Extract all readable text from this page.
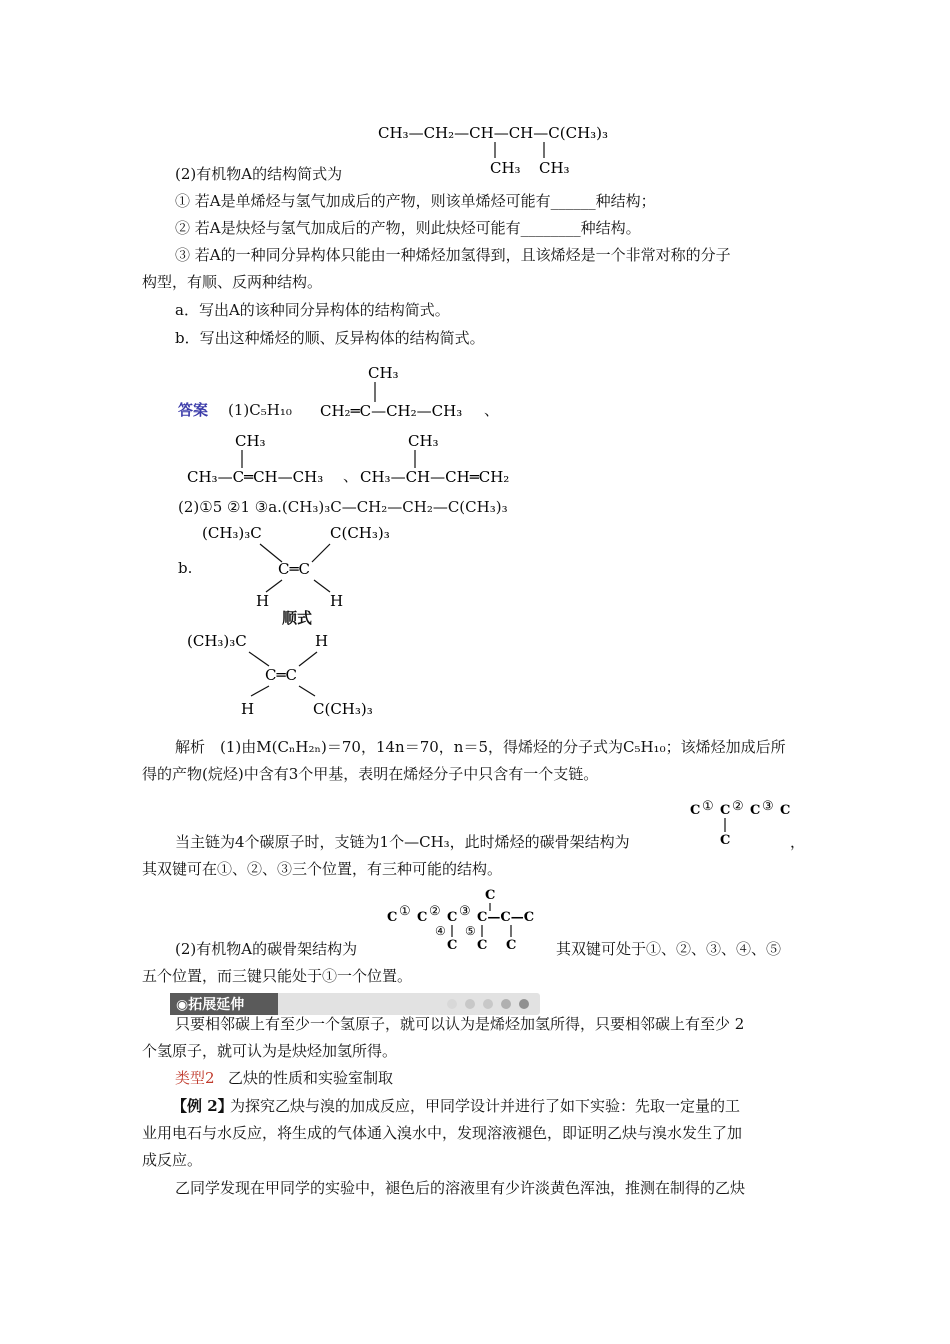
CH₃—CH₂—CH—CH—C(CH₃)₃
CH₃ CH₃
(2)有机物A的结构简式为
① 若A是单烯烃与氢气加成后的产物，则该单烯烃可能有______种结构；
② 若A是炔烃与氢气加成后的产物，则此炔烃可能有________种结构。
③ 若A的一种同分异构体只能由一种烯烃加氢得到，且该烯烃是一个非常对称的分子
构型，有顺、反两种结构。
a．写出A的该种同分异构体的结构简式。
b．写出这种烯烃的顺、反异构体的结构简式。
答案 (1)C₅H₁₀
CH₃
CH₂═C—CH₂—CH₃ 、
CH₃
CH₃—C═CH—CH₃ 、
CH₃
CH₃—CH—CH═CH₂
(2)①5 ②1 ③a.(CH₃)₃C—CH₂—CH₂—C(CH₃)₃
b.
(CH₃)₃C	C(CH₃)₃
C═C
H	H
顺式
(CH₃)₃C	H
C═C
H	C(CH₃)₃
解析　(1)由M(CₙH₂ₙ)＝70，14n＝70，n＝5，得烯烃的分子式为C₅H₁₀；该烯烃加成后所
得的产物(烷烃)中含有3个甲基，表明在烯烃分子中只含有一个支链。
C ① C ② C ③ C
C
当主链为4个碳原子时，支链为1个—CH₃，此时烯烃的碳骨架结构为	，
其双键可在①、②、③三个位置，有三种可能的结构。
C
C ① C ② C ③ C—C—C
④ ⑤
C C C
(2)有机物A的碳骨架结构为	其双键可处于①、②、③、④、⑤
五个位置，而三键只能处于①一个位置。
◉拓展延伸
只要相邻碳上有至少一个氢原子，就可以认为是烯烃加氢所得，只要相邻碳上有至少 2
个氢原子，就可认为是炔烃加氢所得。
类型2 乙炔的性质和实验室制取
【例 2】
为探究乙炔与溴的加成反应，甲同学设计并进行了如下实验：先取一定量的工
业用电石与水反应，将生成的气体通入溴水中，发现溶液褪色，即证明乙炔与溴水发生了加
成反应。
乙同学发现在甲同学的实验中，褪色后的溶液里有少许淡黄色浑浊，推测在制得的乙炔
